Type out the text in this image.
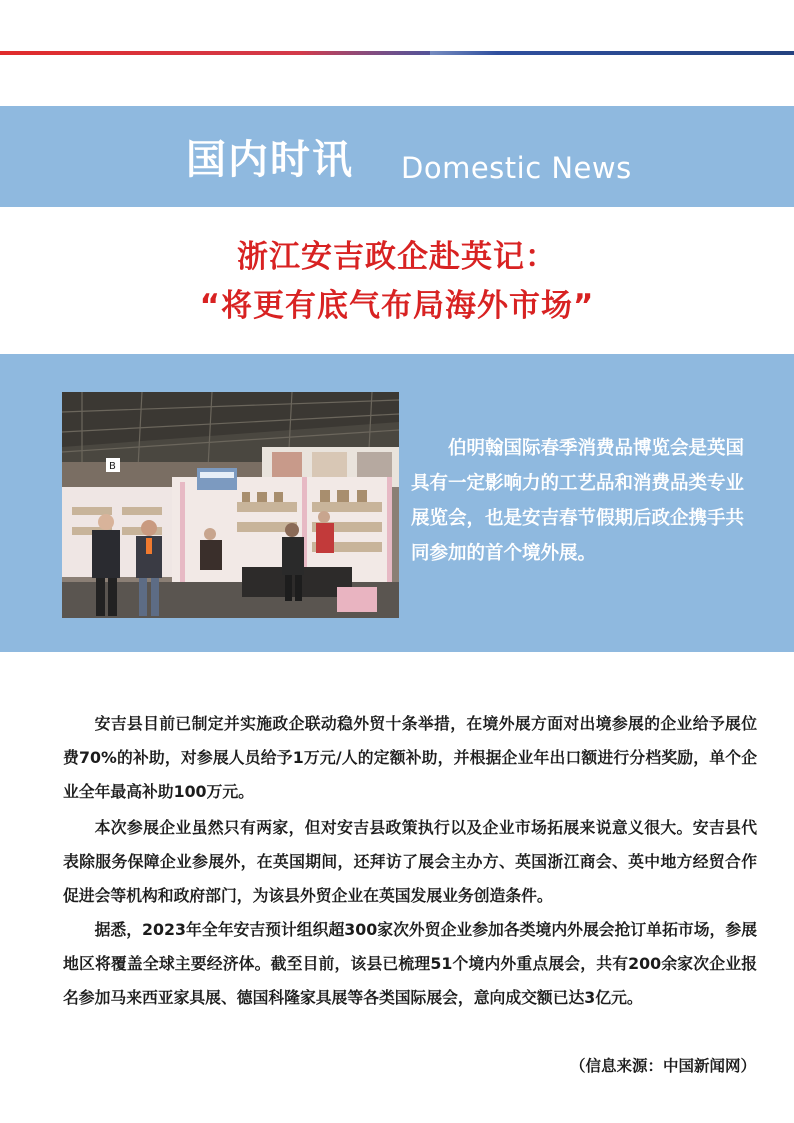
国内时讯 Domestic News
浙江安吉政企赴英记：
“将更有底气布局海外市场”
B
伯明翰国际春季消费品博览会是英国具有一定影响力的工艺品和消费品类专业展览会，也是安吉春节假期后政企携手共同参加的首个境外展。
安吉县目前已制定并实施政企联动稳外贸十条举措，在境外展方面对出境参展的企业给予展位费70%的补助，对参展人员给予1万元/人的定额补助，并根据企业年出口额进行分档奖励，单个企业全年最高补助100万元。
本次参展企业虽然只有两家，但对安吉县政策执行以及企业市场拓展来说意义很大。安吉县代表除服务保障企业参展外，在英国期间，还拜访了展会主办方、英国浙江商会、英中地方经贸合作促进会等机构和政府部门，为该县外贸企业在英国发展业务创造条件。
据悉，2023年全年安吉预计组织超300家次外贸企业参加各类境内外展会抢订单拓市场，参展地区将覆盖全球主要经济体。截至目前，该县已梳理51个境内外重点展会，共有200余家次企业报名参加马来西亚家具展、德国科隆家具展等各类国际展会，意向成交额已达3亿元。
（信息来源：中国新闻网）
